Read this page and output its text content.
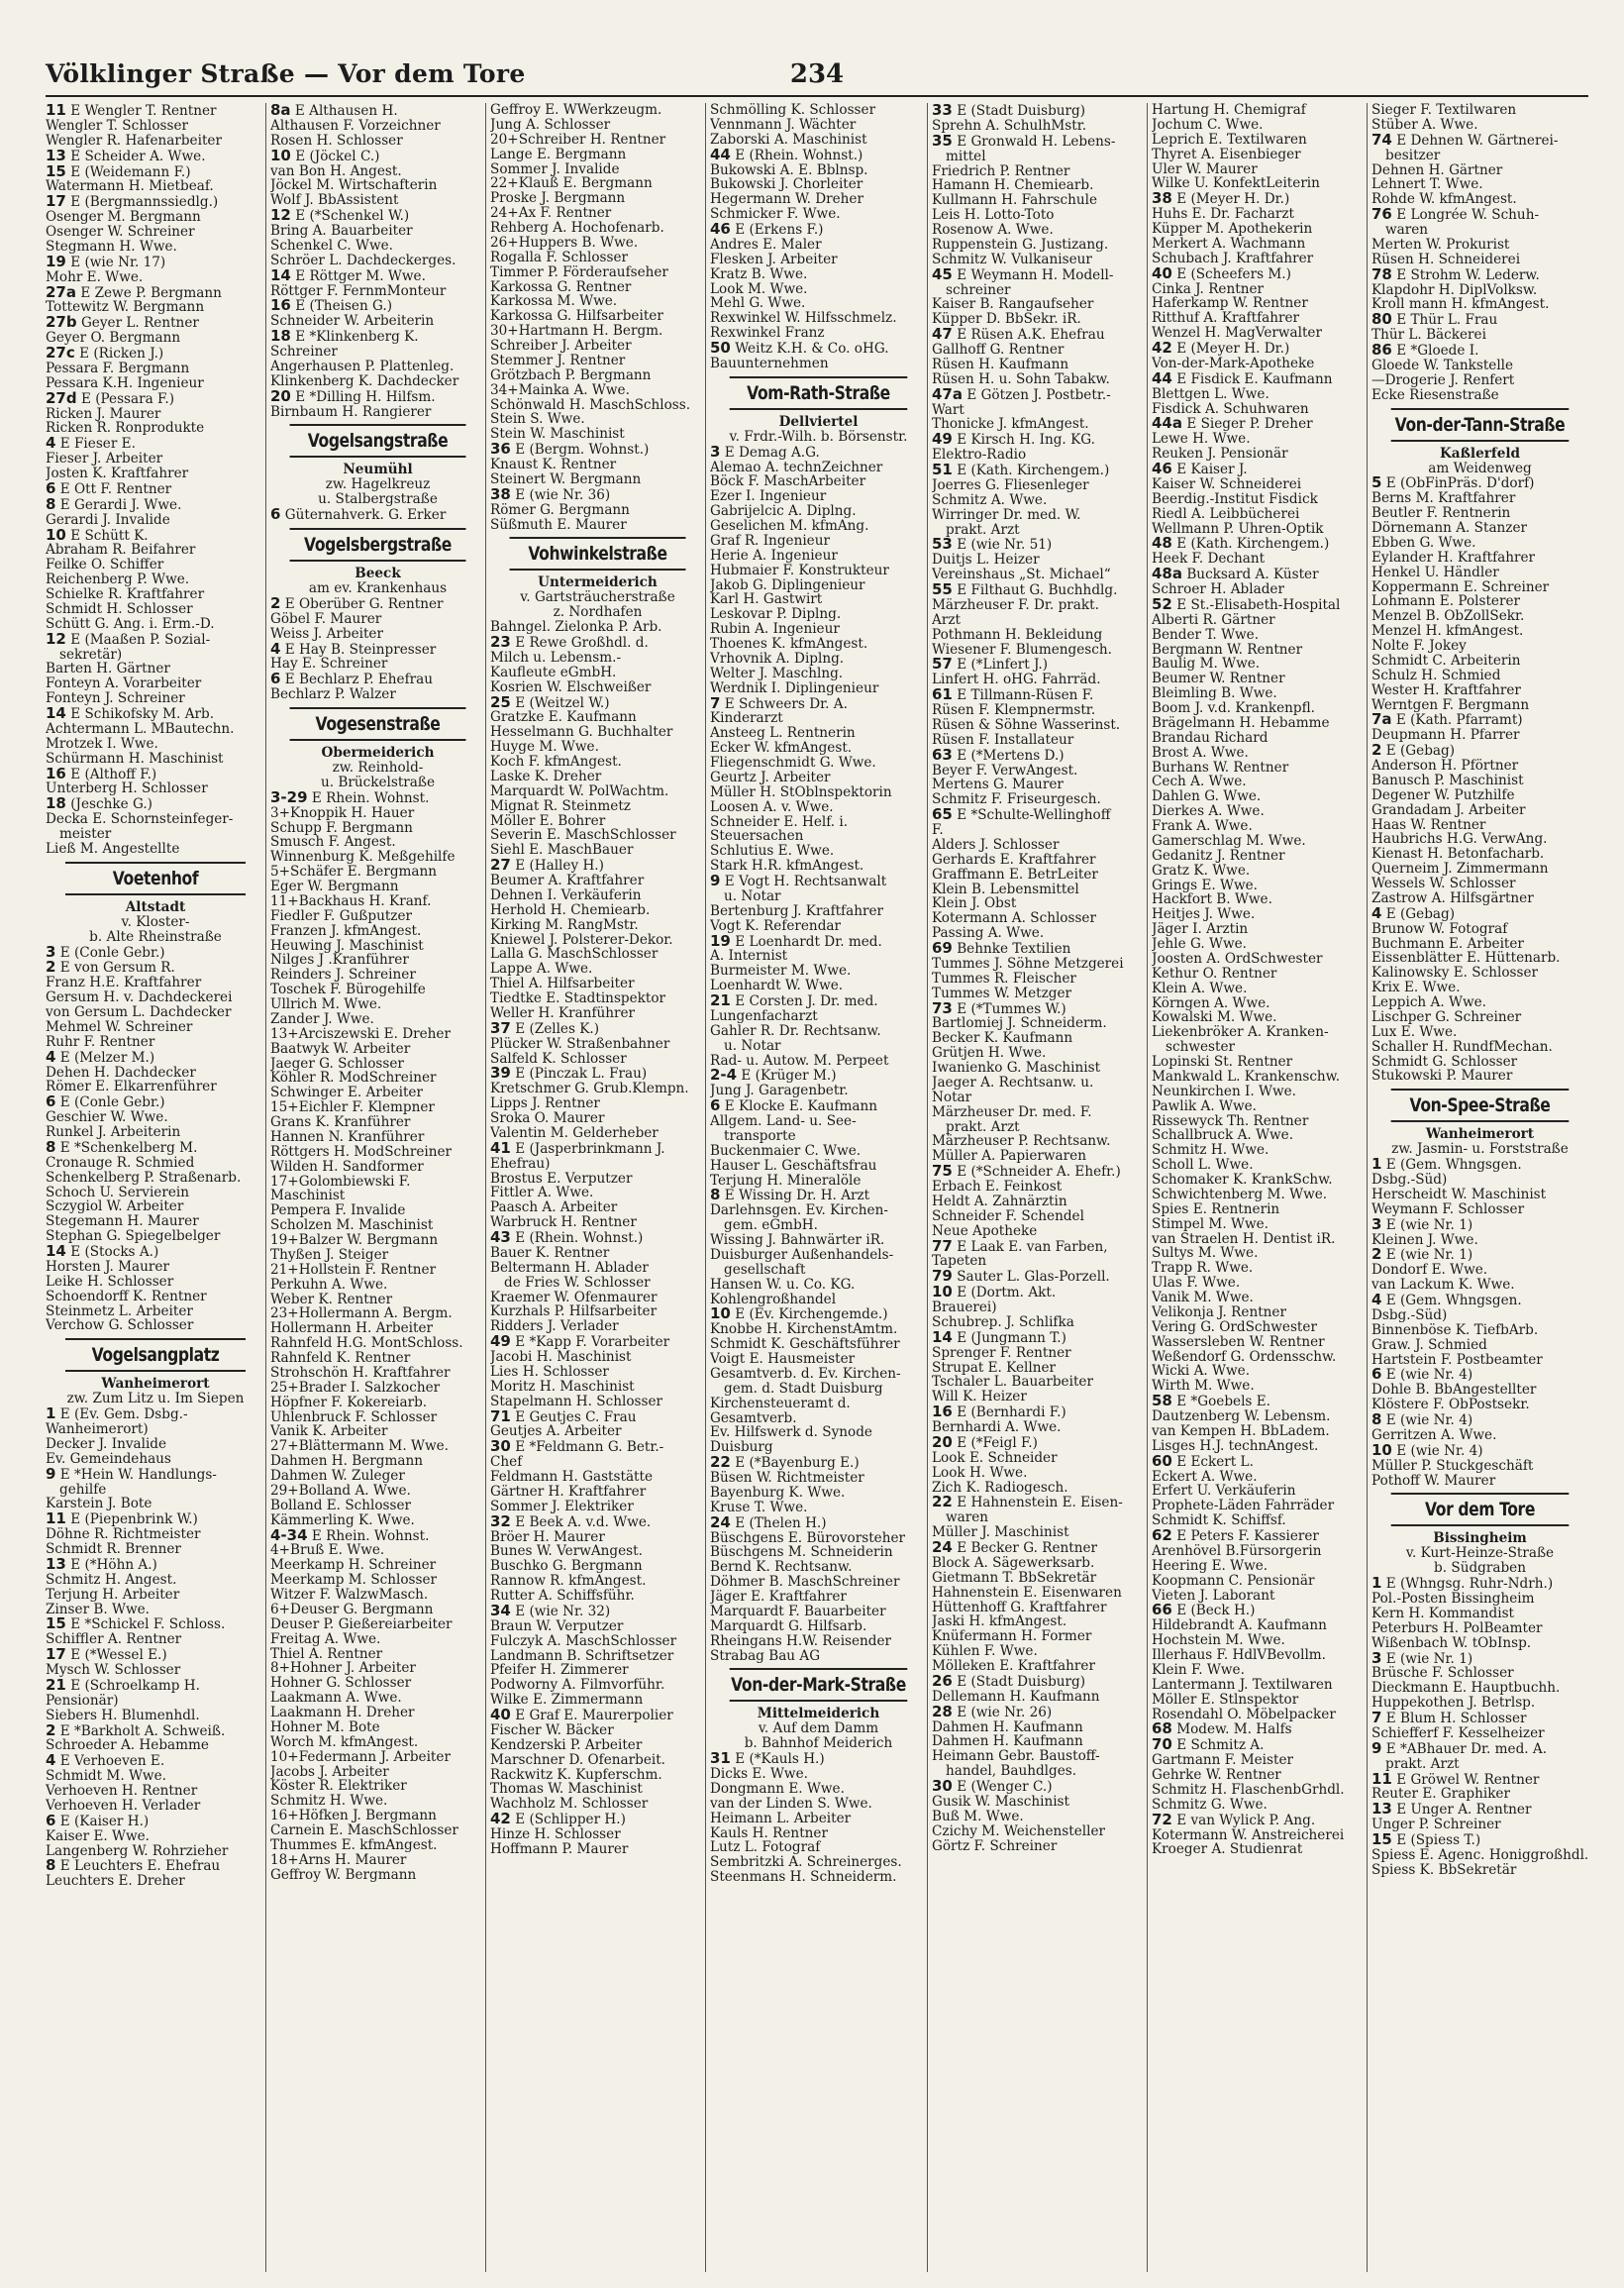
Völklinger Straße — Vor dem Tore	234
11 E Wengler T. Rentner
Wengler T. Schlosser
Wengler R. Hafenarbeiter
13 E Scheider A. Wwe.
15 E (Weidemann F.)
Watermann H. Mietbeaf.
17 E (Bergmannssiedlg.)
Osenger M. Bergmann
Osenger W. Schreiner
Stegmann H. Wwe.
19 E (wie Nr. 17)
Mohr E. Wwe.
27a E Zewe P. Bergmann
Tottewitz W. Bergmann
27b Geyer L. Rentner
Geyer O. Bergmann
27c E (Ricken J.)
Pessara F. Bergmann
Pessara K.H. Ingenieur
27d E (Pessara F.)
Ricken J. Maurer
Ricken R. Ronprodukte
4 E Fieser E.
Fieser J. Arbeiter
Josten K. Kraftfahrer
6 E Ott F. Rentner
8 E Gerardi J. Wwe.
Gerardi J. Invalide
10 E Schütt K.
Abraham R. Beifahrer
Feilke O. Schiffer
Reichenberg P. Wwe.
Schielke R. Kraftfahrer
Schmidt H. Schlosser
Schütt G. Ang. i. Erm.-D.
12 E (Maaßen P. Sozial-
sekretär)
Barten H. Gärtner
Fonteyn A. Vorarbeiter
Fonteyn J. Schreiner
14 E Schikofsky M. Arb.
Achtermann L. MBautechn.
Mrotzek I. Wwe.
Schürmann H. Maschinist
16 E (Althoff F.)
Unterberg H. Schlosser
18 (Jeschke G.)
Decka E. Schornsteinfeger-
meister
Ließ M. Angestellte
Voetenhof
Altstadt
v. Kloster-
b. Alte Rheinstraße
3 E (Conle Gebr.)
2 E von Gersum R.
Franz H.E. Kraftfahrer
Gersum H. v. Dachdeckerei
von Gersum L. Dachdecker
Mehmel W. Schreiner
Ruhr F. Rentner
4 E (Melzer M.)
Dehen H. Dachdecker
Römer E. Elkarrenführer
6 E (Conle Gebr.)
Geschier W. Wwe.
Runkel J. Arbeiterin
8 E *Schenkelberg M.
Cronauge R. Schmied
Schenkelberg P. Straßenarb.
Schoch U. Servierein
Sczygiol W. Arbeiter
Stegemann H. Maurer
Stephan G. Spiegelbelger
14 E (Stocks A.)
Horsten J. Maurer
Leike H. Schlosser
Schoendorff K. Rentner
Steinmetz L. Arbeiter
Verchow G. Schlosser
Vogelsangplatz
Wanheimerort
zw. Zum Litz u. Im Siepen
1 E (Ev. Gem. Dsbg.-
Wanheimerort)
Decker J. Invalide
Ev. Gemeindehaus
9 E *Hein W. Handlungs-
gehilfe
Karstein J. Bote
11 E (Piepenbrink W.)
Döhne R. Richtmeister
Schmidt R. Brenner
13 E (*Höhn A.)
Schmitz H. Angest.
Terjung H. Arbeiter
Zinser B. Wwe.
15 E *Schickel F. Schloss.
Schiffler A. Rentner
17 E (*Wessel E.)
Mysch W. Schlosser
21 E (Schroelkamp H.
Pensionär)
Siebers H. Blumenhdl.
2 E *Barkholt A. Schweiß.
Schroeder A. Hebamme
4 E Verhoeven E.
Schmidt M. Wwe.
Verhoeven H. Rentner
Verhoeven H. Verlader
6 E (Kaiser H.)
Kaiser E. Wwe.
Langenberg W. Rohrzieher
8 E Leuchters E. Ehefrau
Leuchters E. Dreher
8a E Althausen H.
Althausen F. Vorzeichner
Rosen H. Schlosser
10 E (Jöckel C.)
van Bon H. Angest.
Jöckel M. Wirtschafterin
Wolf J. BbAssistent
12 E (*Schenkel W.)
Bring A. Bauarbeiter
Schenkel C. Wwe.
Schröer L. Dachdeckerges.
14 E Röttger M. Wwe.
Röttger F. FernmMonteur
16 E (Theisen G.)
Schneider W. Arbeiterin
18 E *Klinkenberg K.
Schreiner
Angerhausen P. Plattenleg.
Klinkenberg K. Dachdecker
20 E *Dilling H. Hilfsm.
Birnbaum H. Rangierer
Vogelsangstraße
Neumühl
zw. Hagelkreuz
u. Stalbergstraße
6 Güternahverk. G. Erker
Vogelsbergstraße
Beeck
am ev. Krankenhaus
2 E Oberüber G. Rentner
Göbel F. Maurer
Weiss J. Arbeiter
4 E Hay B. Steinpresser
Hay E. Schreiner
6 E Bechlarz P. Ehefrau
Bechlarz P. Walzer
Vogesenstraße
Obermeiderich
zw. Reinhold-
u. Brückelstraße
3-29 E Rhein. Wohnst.
3+Knoppik H. Hauer
Schupp F. Bergmann
Smusch F. Angest.
Winnenburg K. Meßgehilfe
5+Schäfer E. Bergmann
Eger W. Bergmann
11+Backhaus H. Kranf.
Fiedler F. Gußputzer
Franzen J. kfmAngest.
Heuwing J. Maschinist
Nilges J .Kranführer
Reinders J. Schreiner
Toschek F. Bürogehilfe
Ullrich M. Wwe.
Zander J. Wwe.
13+Arciszewski E. Dreher
Baatwyk W. Arbeiter
Jaeger G. Schlosser
Köhler R. ModSchreiner
Schwinger E. Arbeiter
15+Eichler F. Klempner
Grans K. Kranführer
Hannen N. Kranführer
Röttgers H. ModSchreiner
Wilden H. Sandformer
17+Golombiewski F.
Maschinist
Pempera F. Invalide
Scholzen M. Maschinist
19+Balzer W. Bergmann
Thyßen J. Steiger
21+Hollstein F. Rentner
Perkuhn A. Wwe.
Weber K. Rentner
23+Hollermann A. Bergm.
Hollermann H. Arbeiter
Rahnfeld H.G. MontSchloss.
Rahnfeld K. Rentner
Strohschön H. Kraftfahrer
25+Brader I. Salzkocher
Höpfner F. Kokereiarb.
Uhlenbruck F. Schlosser
Vanik K. Arbeiter
27+Blättermann M. Wwe.
Dahmen H. Bergmann
Dahmen W. Zuleger
29+Bolland A. Wwe.
Bolland E. Schlosser
Kämmerling K. Wwe.
4-34 E Rhein. Wohnst.
4+Bruß E. Wwe.
Meerkamp H. Schreiner
Meerkamp M. Schlosser
Witzer F. WalzwMasch.
6+Deuser G. Bergmann
Deuser P. Gießereiarbeiter
Freitag A. Wwe.
Thiel A. Rentner
8+Hohner J. Arbeiter
Hohner G. Schlosser
Laakmann A. Wwe.
Laakmann H. Dreher
Hohner M. Bote
Worch M. kfmAngest.
10+Federmann J. Arbeiter
Jacobs J. Arbeiter
Köster R. Elektriker
Schmitz H. Wwe.
16+Höfken J. Bergmann
Carnein E. MaschSchlosser
Thummes E. kfmAngest.
18+Arns H. Maurer
Geffroy W. Bergmann
Geffroy E. WWerkzeugm.
Jung A. Schlosser
20+Schreiber H. Rentner
Lange E. Bergmann
Sommer J. Invalide
22+Klauß E. Bergmann
Proske J. Bergmann
24+Ax F. Rentner
Rehberg A. Hochofenarb.
26+Huppers B. Wwe.
Rogalla F. Schlosser
Timmer P. Förderaufseher
Karkossa G. Rentner
Karkossa M. Wwe.
Karkossa G. Hilfsarbeiter
30+Hartmann H. Bergm.
Schreiber J. Arbeiter
Stemmer J. Rentner
Grötzbach P. Bergmann
34+Mainka A. Wwe.
Schönwald H. MaschSchloss.
Stein S. Wwe.
Stein W. Maschinist
36 E (Bergm. Wohnst.)
Knaust K. Rentner
Steinert W. Bergmann
38 E (wie Nr. 36)
Römer G. Bergmann
Süßmuth E. Maurer
Vohwinkelstraße
Untermeiderich
v. Gartsträucherstraße
z. Nordhafen
Bahngel. Zielonka P. Arb.
23 E Rewe Großhdl. d.
Milch u. Lebensm.-
Kaufleute eGmbH.
Kosrien W. Elschweißer
25 E (Weitzel W.)
Gratzke E. Kaufmann
Hesselmann G. Buchhalter
Huyge M. Wwe.
Koch F. kfmAngest.
Laske K. Dreher
Marquardt W. PolWachtm.
Mignat R. Steinmetz
Möller E. Bohrer
Severin E. MaschSchlosser
Siehl E. MaschBauer
27 E (Halley H.)
Beumer A. Kraftfahrer
Dehnen I. Verkäuferin
Herhold H. Chemiearb.
Kirking M. RangMstr.
Kniewel J. Polsterer-Dekor.
Lalla G. MaschSchlosser
Lappe A. Wwe.
Thiel A. Hilfsarbeiter
Tiedtke E. Stadtinspektor
Weller H. Kranführer
37 E (Zelles K.)
Plücker W. Straßenbahner
Salfeld K. Schlosser
39 E (Pinczak L. Frau)
Kretschmer G. Grub.Klempn.
Lipps J. Rentner
Sroka O. Maurer
Valentin M. Gelderheber
41 E (Jasperbrinkmann J.
Ehefrau)
Brostus E. Verputzer
Fittler A. Wwe.
Paasch A. Arbeiter
Warbruck H. Rentner
43 E (Rhein. Wohnst.)
Bauer K. Rentner
Beltermann H. Ablader
de Fries W. Schlosser
Kraemer W. Ofenmaurer
Kurzhals P. Hilfsarbeiter
Ridders J. Verlader
49 E *Kapp F. Vorarbeiter
Jacobi H. Maschinist
Lies H. Schlosser
Moritz H. Maschinist
Stapelmann H. Schlosser
71 E Geutjes C. Frau
Geutjes A. Arbeiter
30 E *Feldmann G. Betr.-
Chef
Feldmann H. Gaststätte
Gärtner H. Kraftfahrer
Sommer J. Elektriker
32 E Beek A. v.d. Wwe.
Bröer H. Maurer
Bunes W. VerwAngest.
Buschko G. Bergmann
Rannow R. kfmAngest.
Rutter A. Schiffsführ.
34 E (wie Nr. 32)
Braun W. Verputzer
Fulczyk A. MaschSchlosser
Landmann B. Schriftsetzer
Pfeifer H. Zimmerer
Podworny A. Filmvorführ.
Wilke E. Zimmermann
40 E Graf E. Maurerpolier
Fischer W. Bäcker
Kendzerski P. Arbeiter
Marschner D. Ofenarbeit.
Rackwitz K. Kupferschm.
Thomas W. Maschinist
Wachholz M. Schlosser
42 E (Schlipper H.)
Hinze H. Schlosser
Hoffmann P. Maurer
Schmölling K. Schlosser
Vennmann J. Wächter
Zaborski A. Maschinist
44 E (Rhein. Wohnst.)
Bukowski A. E. Bblnsp.
Bukowski J. Chorleiter
Hegermann W. Dreher
Schmicker F. Wwe.
46 E (Erkens F.)
Andres E. Maler
Flesken J. Arbeiter
Kratz B. Wwe.
Look M. Wwe.
Mehl G. Wwe.
Rexwinkel W. Hilfsschmelz.
Rexwinkel Franz
50 Weitz K.H. & Co. oHG.
Bauunternehmen
Vom-Rath-Straße
Dellviertel
v. Frdr.-Wilh. b. Börsenstr.
3 E Demag A.G.
Alemao A. technZeichner
Böck F. MaschArbeiter
Ezer I. Ingenieur
Gabrijelcic A. Diplng.
Geselichen M. kfmAng.
Graf R. Ingenieur
Herie A. Ingenieur
Hubmaier F. Konstrukteur
Jakob G. Diplingenieur
Karl H. Gastwirt
Leskovar P. Diplng.
Rubin A. Ingenieur
Thoenes K. kfmAngest.
Vrhovnik A. Diplng.
Welter J. Maschlng.
Werdnik I. Diplingenieur
7 E Schweers Dr. A.
Kinderarzt
Ansteeg L. Rentnerin
Ecker W. kfmAngest.
Fliegenschmidt G. Wwe.
Geurtz J. Arbeiter
Müller H. StOblnspektorin
Loosen A. v. Wwe.
Schneider E. Helf. i.
Steuersachen
Schlutius E. Wwe.
Stark H.R. kfmAngest.
9 E Vogt H. Rechtsanwalt
u. Notar
Bertenburg J. Kraftfahrer
Vogt K. Referendar
19 E Loenhardt Dr. med.
A. Internist
Burmeister M. Wwe.
Loenhardt W. Wwe.
21 E Corsten J. Dr. med.
Lungenfacharzt
Gahler R. Dr. Rechtsanw.
u. Notar
Rad- u. Autow. M. Perpeet
2-4 E (Krüger M.)
Jung J. Garagenbetr.
6 E Klocke E. Kaufmann
Allgem. Land- u. See-
transporte
Buckenmaier C. Wwe.
Hauser L. Geschäftsfrau
Terjung H. Mineralöle
8 E Wissing Dr. H. Arzt
Darlehnsgen. Ev. Kirchen-
gem. eGmbH.
Wissing J. Bahnwärter iR.
Duisburger Außenhandels-
gesellschaft
Hansen W. u. Co. KG.
Kohlengroßhandel
10 E (Ev. Kirchengemde.)
Knobbe H. KirchenstAmtm.
Schmidt K. Geschäftsführer
Voigt E. Hausmeister
Gesamtverb. d. Ev. Kirchen-
gem. d. Stadt Duisburg
Kirchensteueramt d.
Gesamtverb.
Ev. Hilfswerk d. Synode
Duisburg
22 E (*Bayenburg E.)
Büsen W. Richtmeister
Bayenburg K. Wwe.
Kruse T. Wwe.
24 E (Thelen H.)
Büschgens E. Bürovorsteher
Büschgens M. Schneiderin
Bernd K. Rechtsanw.
Döhmer B. MaschSchreiner
Jäger E. Kraftfahrer
Marquardt F. Bauarbeiter
Marquardt G. Hilfsarb.
Rheingans H.W. Reisender
Strabag Bau AG
Von-der-Mark-Straße
Mittelmeiderich
v. Auf dem Damm
b. Bahnhof Meiderich
31 E (*Kauls H.)
Dicks E. Wwe.
Dongmann E. Wwe.
van der Linden S. Wwe.
Heimann L. Arbeiter
Kauls H. Rentner
Lutz L. Fotograf
Sembritzki A. Schreinerges.
Steenmans H. Schneiderm.
33 E (Stadt Duisburg)
Sprehn A. SchulhMstr.
35 E Gronwald H. Lebens-
mittel
Friedrich P. Rentner
Hamann H. Chemiearb.
Kullmann H. Fahrschule
Leis H. Lotto-Toto
Rosenow A. Wwe.
Ruppenstein G. Justizang.
Schmitz W. Vulkaniseur
45 E Weymann H. Modell-
schreiner
Kaiser B. Rangaufseher
Küpper D. BbSekr. iR.
47 E Rüsen A.K. Ehefrau
Gallhoff G. Rentner
Rüsen H. Kaufmann
Rüsen H. u. Sohn Tabakw.
47a E Götzen J. Postbetr.-
Wart
Thonicke J. kfmAngest.
49 E Kirsch H. Ing. KG.
Elektro-Radio
51 E (Kath. Kirchengem.)
Joerres G. Fliesenleger
Schmitz A. Wwe.
Wirringer Dr. med. W.
prakt. Arzt
53 E (wie Nr. 51)
Duitjs L. Heizer
Vereinshaus „St. Michael“
55 E Filthaut G. Buchhdlg.
Märzheuser F. Dr. prakt.
Arzt
Pothmann H. Bekleidung
Wiesener F. Blumengesch.
57 E (*Linfert J.)
Linfert H. oHG. Fahrräd.
61 E Tillmann-Rüsen F.
Rüsen F. Klempnermstr.
Rüsen & Söhne Wasserinst.
Rüsen F. Installateur
63 E (*Mertens D.)
Beyer F. VerwAngest.
Mertens G. Maurer
Schmitz F. Friseurgesch.
65 E *Schulte-Wellinghoff
F.
Alders J. Schlosser
Gerhards E. Kraftfahrer
Graffmann E. BetrLeiter
Klein B. Lebensmittel
Klein J. Obst
Kotermann A. Schlosser
Passing A. Wwe.
69 Behnke Textilien
Tummes J. Söhne Metzgerei
Tummes R. Fleischer
Tummes W. Metzger
73 E (*Tummes W.)
Bartlomiej J. Schneiderm.
Becker K. Kaufmann
Grütjen H. Wwe.
Iwanienko G. Maschinist
Jaeger A. Rechtsanw. u.
Notar
Märzheuser Dr. med. F.
prakt. Arzt
Märzheuser P. Rechtsanw.
Müller A. Papierwaren
75 E (*Schneider A. Ehefr.)
Erbach E. Feinkost
Heldt A. Zahnärztin
Schneider F. Schendel
Neue Apotheke
77 E Laak E. van Farben,
Tapeten
79 Sauter L. Glas-Porzell.
10 E (Dortm. Akt.
Brauerei)
Schubrep. J. Schlifka
14 E (Jungmann T.)
Sprenger F. Rentner
Strupat E. Kellner
Tschaler L. Bauarbeiter
Will K. Heizer
16 E (Bernhardi F.)
Bernhardi A. Wwe.
20 E (*Feigl F.)
Look E. Schneider
Look H. Wwe.
Zich K. Radiogesch.
22 E Hahnenstein E. Eisen-
waren
Müller J. Maschinist
24 E Becker G. Rentner
Block A. Sägewerksarb.
Gietmann T. BbSekretär
Hahnenstein E. Eisenwaren
Hüttenhoff G. Kraftfahrer
Jaski H. kfmAngest.
Knüfermann H. Former
Kühlen F. Wwe.
Mölleken E. Kraftfahrer
26 E (Stadt Duisburg)
Dellemann H. Kaufmann
28 E (wie Nr. 26)
Dahmen H. Kaufmann
Dahmen H. Kaufmann
Heimann Gebr. Baustoff-
handel, Bauhdlges.
30 E (Wenger C.)
Gusik W. Maschinist
Buß M. Wwe.
Czichy M. Weichensteller
Görtz F. Schreiner
Hartung H. Chemigraf
Jochum C. Wwe.
Leprich E. Textilwaren
Thyret A. Eisenbieger
Uler W. Maurer
Wilke U. KonfektLeiterin
38 E (Meyer H. Dr.)
Huhs E. Dr. Facharzt
Küpper M. Apothekerin
Merkert A. Wachmann
Schubach J. Kraftfahrer
40 E (Scheefers M.)
Cinka J. Rentner
Haferkamp W. Rentner
Ritthuf A. Kraftfahrer
Wenzel H. MagVerwalter
42 E (Meyer H. Dr.)
Von-der-Mark-Apotheke
44 E Fisdick E. Kaufmann
Blettgen L. Wwe.
Fisdick A. Schuhwaren
44a E Sieger P. Dreher
Lewe H. Wwe.
Reuken J. Pensionär
46 E Kaiser J.
Kaiser W. Schneiderei
Beerdig.-Institut Fisdick
Riedl A. Leibbücherei
Wellmann P. Uhren-Optik
48 E (Kath. Kirchengem.)
Heek F. Dechant
48a Bucksard A. Küster
Schroer H. Ablader
52 E St.-Elisabeth-Hospital
Alberti R. Gärtner
Bender T. Wwe.
Bergmann W. Rentner
Baulig M. Wwe.
Beumer W. Rentner
Bleimling B. Wwe.
Boom J. v.d. Krankenpfl.
Brägelmann H. Hebamme
Brandau Richard
Brost A. Wwe.
Burhans W. Rentner
Cech A. Wwe.
Dahlen G. Wwe.
Dierkes A. Wwe.
Frank A. Wwe.
Gamerschlag M. Wwe.
Gedanitz J. Rentner
Gratz K. Wwe.
Grings E. Wwe.
Hackfort B. Wwe.
Heitjes J. Wwe.
Jäger I. Ärztin
Jehle G. Wwe.
Joosten A. OrdSchwester
Kethur O. Rentner
Klein A. Wwe.
Körngen A. Wwe.
Kowalski M. Wwe.
Liekenbröker A. Kranken-
schwester
Lopinski St. Rentner
Mankwald L. Krankenschw.
Neunkirchen I. Wwe.
Pawlik A. Wwe.
Rissewyck Th. Rentner
Schallbruck A. Wwe.
Schmitz H. Wwe.
Scholl L. Wwe.
Schomaker K. KrankSchw.
Schwichtenberg M. Wwe.
Spies E. Rentnerin
Stimpel M. Wwe.
van Straelen H. Dentist iR.
Sultys M. Wwe.
Trapp R. Wwe.
Ulas F. Wwe.
Vanik M. Wwe.
Velikonja J. Rentner
Vering G. OrdSchwester
Wassersleben W. Rentner
Weßendorf G. Ordensschw.
Wicki A. Wwe.
Wirth M. Wwe.
58 E *Goebels E.
Dautzenberg W. Lebensm.
van Kempen H. BbLadem.
Lisges H.J. technAngest.
60 E Eckert L.
Eckert A. Wwe.
Erfert U. Verkäuferin
Prophete-Läden Fahrräder
Schmidt K. Schiffsf.
62 E Peters F. Kassierer
Arenhövel B.Fürsorgerin
Heering E. Wwe.
Koopmann C. Pensionär
Vieten J. Laborant
66 E (Beck H.)
Hildebrandt A. Kaufmann
Hochstein M. Wwe.
Illerhaus F. HdlVBevollm.
Klein F. Wwe.
Lantermann J. Textilwaren
Möller E. Stlnspektor
Rosendahl O. Möbelpacker
68 Modew. M. Halfs
70 E Schmitz A.
Gartmann F. Meister
Gehrke W. Rentner
Schmitz H. FlaschenbGrhdl.
Schmitz G. Wwe.
72 E van Wylick P. Ang.
Kotermann W. Anstreicherei
Kroeger A. Studienrat
Sieger F. Textilwaren
Stüber A. Wwe.
74 E Dehnen W. Gärtnerei-
besitzer
Dehnen H. Gärtner
Lehnert T. Wwe.
Rohde W. kfmAngest.
76 E Longrée W. Schuh-
waren
Merten W. Prokurist
Rüsen H. Schneiderei
78 E Strohm W. Lederw.
Klapdohr H. DiplVolksw.
Kroll mann H. kfmAngest.
80 E Thür L. Frau
Thür L. Bäckerei
86 E *Gloede I.
Gloede W. Tankstelle
—Drogerie J. Renfert
Ecke Riesenstraße
Von-der-Tann-Straße
Kaßlerfeld
am Weidenweg
5 E (ObFinPräs. D'dorf)
Berns M. Kraftfahrer
Beutler F. Rentnerin
Dörnemann A. Stanzer
Ebben G. Wwe.
Eylander H. Kraftfahrer
Henkel U. Händler
Koppermann E. Schreiner
Lohmann E. Polsterer
Menzel B. ObZollSekr.
Menzel H. kfmAngest.
Nolte F. Jokey
Schmidt C. Arbeiterin
Schulz H. Schmied
Wester H. Kraftfahrer
Werntgen F. Bergmann
7a E (Kath. Pfarramt)
Deupmann H. Pfarrer
2 E (Gebag)
Anderson H. Pförtner
Banusch P. Maschinist
Degener W. Putzhilfe
Grandadam J. Arbeiter
Haas W. Rentner
Haubrichs H.G. VerwAng.
Kienast H. Betonfacharb.
Querneim J. Zimmermann
Wessels W. Schlosser
Zastrow A. Hilfsgärtner
4 E (Gebag)
Brunow W. Fotograf
Buchmann E. Arbeiter
Eissenblätter E. Hüttenarb.
Kalinowsky E. Schlosser
Krix E. Wwe.
Leppich A. Wwe.
Lischper G. Schreiner
Lux E. Wwe.
Schaller H. RundfMechan.
Schmidt G. Schlosser
Stukowski P. Maurer
Von-Spee-Straße
Wanheimerort
zw. Jasmin- u. Forststraße
1 E (Gem. Whngsgen.
Dsbg.-Süd)
Herscheidt W. Maschinist
Weymann F. Schlosser
3 E (wie Nr. 1)
Kleinen J. Wwe.
2 E (wie Nr. 1)
Dondorf E. Wwe.
van Lackum K. Wwe.
4 E (Gem. Whngsgen.
Dsbg.-Süd)
Binnenböse K. TiefbArb.
Graw. J. Schmied
Hartstein F. Postbeamter
6 E (wie Nr. 4)
Dohle B. BbAngestellter
Klöstere F. ObPostsekr.
8 E (wie Nr. 4)
Gerritzen A. Wwe.
10 E (wie Nr. 4)
Müller P. Stuckgeschäft
Pothoff W. Maurer
Vor dem Tore
Bissingheim
v. Kurt-Heinze-Straße
b. Südgraben
1 E (Whngsg. Ruhr-Ndrh.)
Pol.-Posten Bissingheim
Kern H. Kommandist
Peterburs H. PolBeamter
Wißenbach W. tObInsp.
3 E (wie Nr. 1)
Brüsche F. Schlosser
Dieckmann E. Hauptbuchh.
Huppekothen J. Betrlsp.
7 E Blum H. Schlosser
Schiefferf F. Kesselheizer
9 E *ABhauer Dr. med. A.
prakt. Arzt
11 E Gröwel W. Rentner
Reuter E. Graphiker
13 E Unger A. Rentner
Unger P. Schreiner
15 E (Spiess T.)
Spiess E. Agenc. Honiggroßhdl.
Spiess K. BbSekretär
